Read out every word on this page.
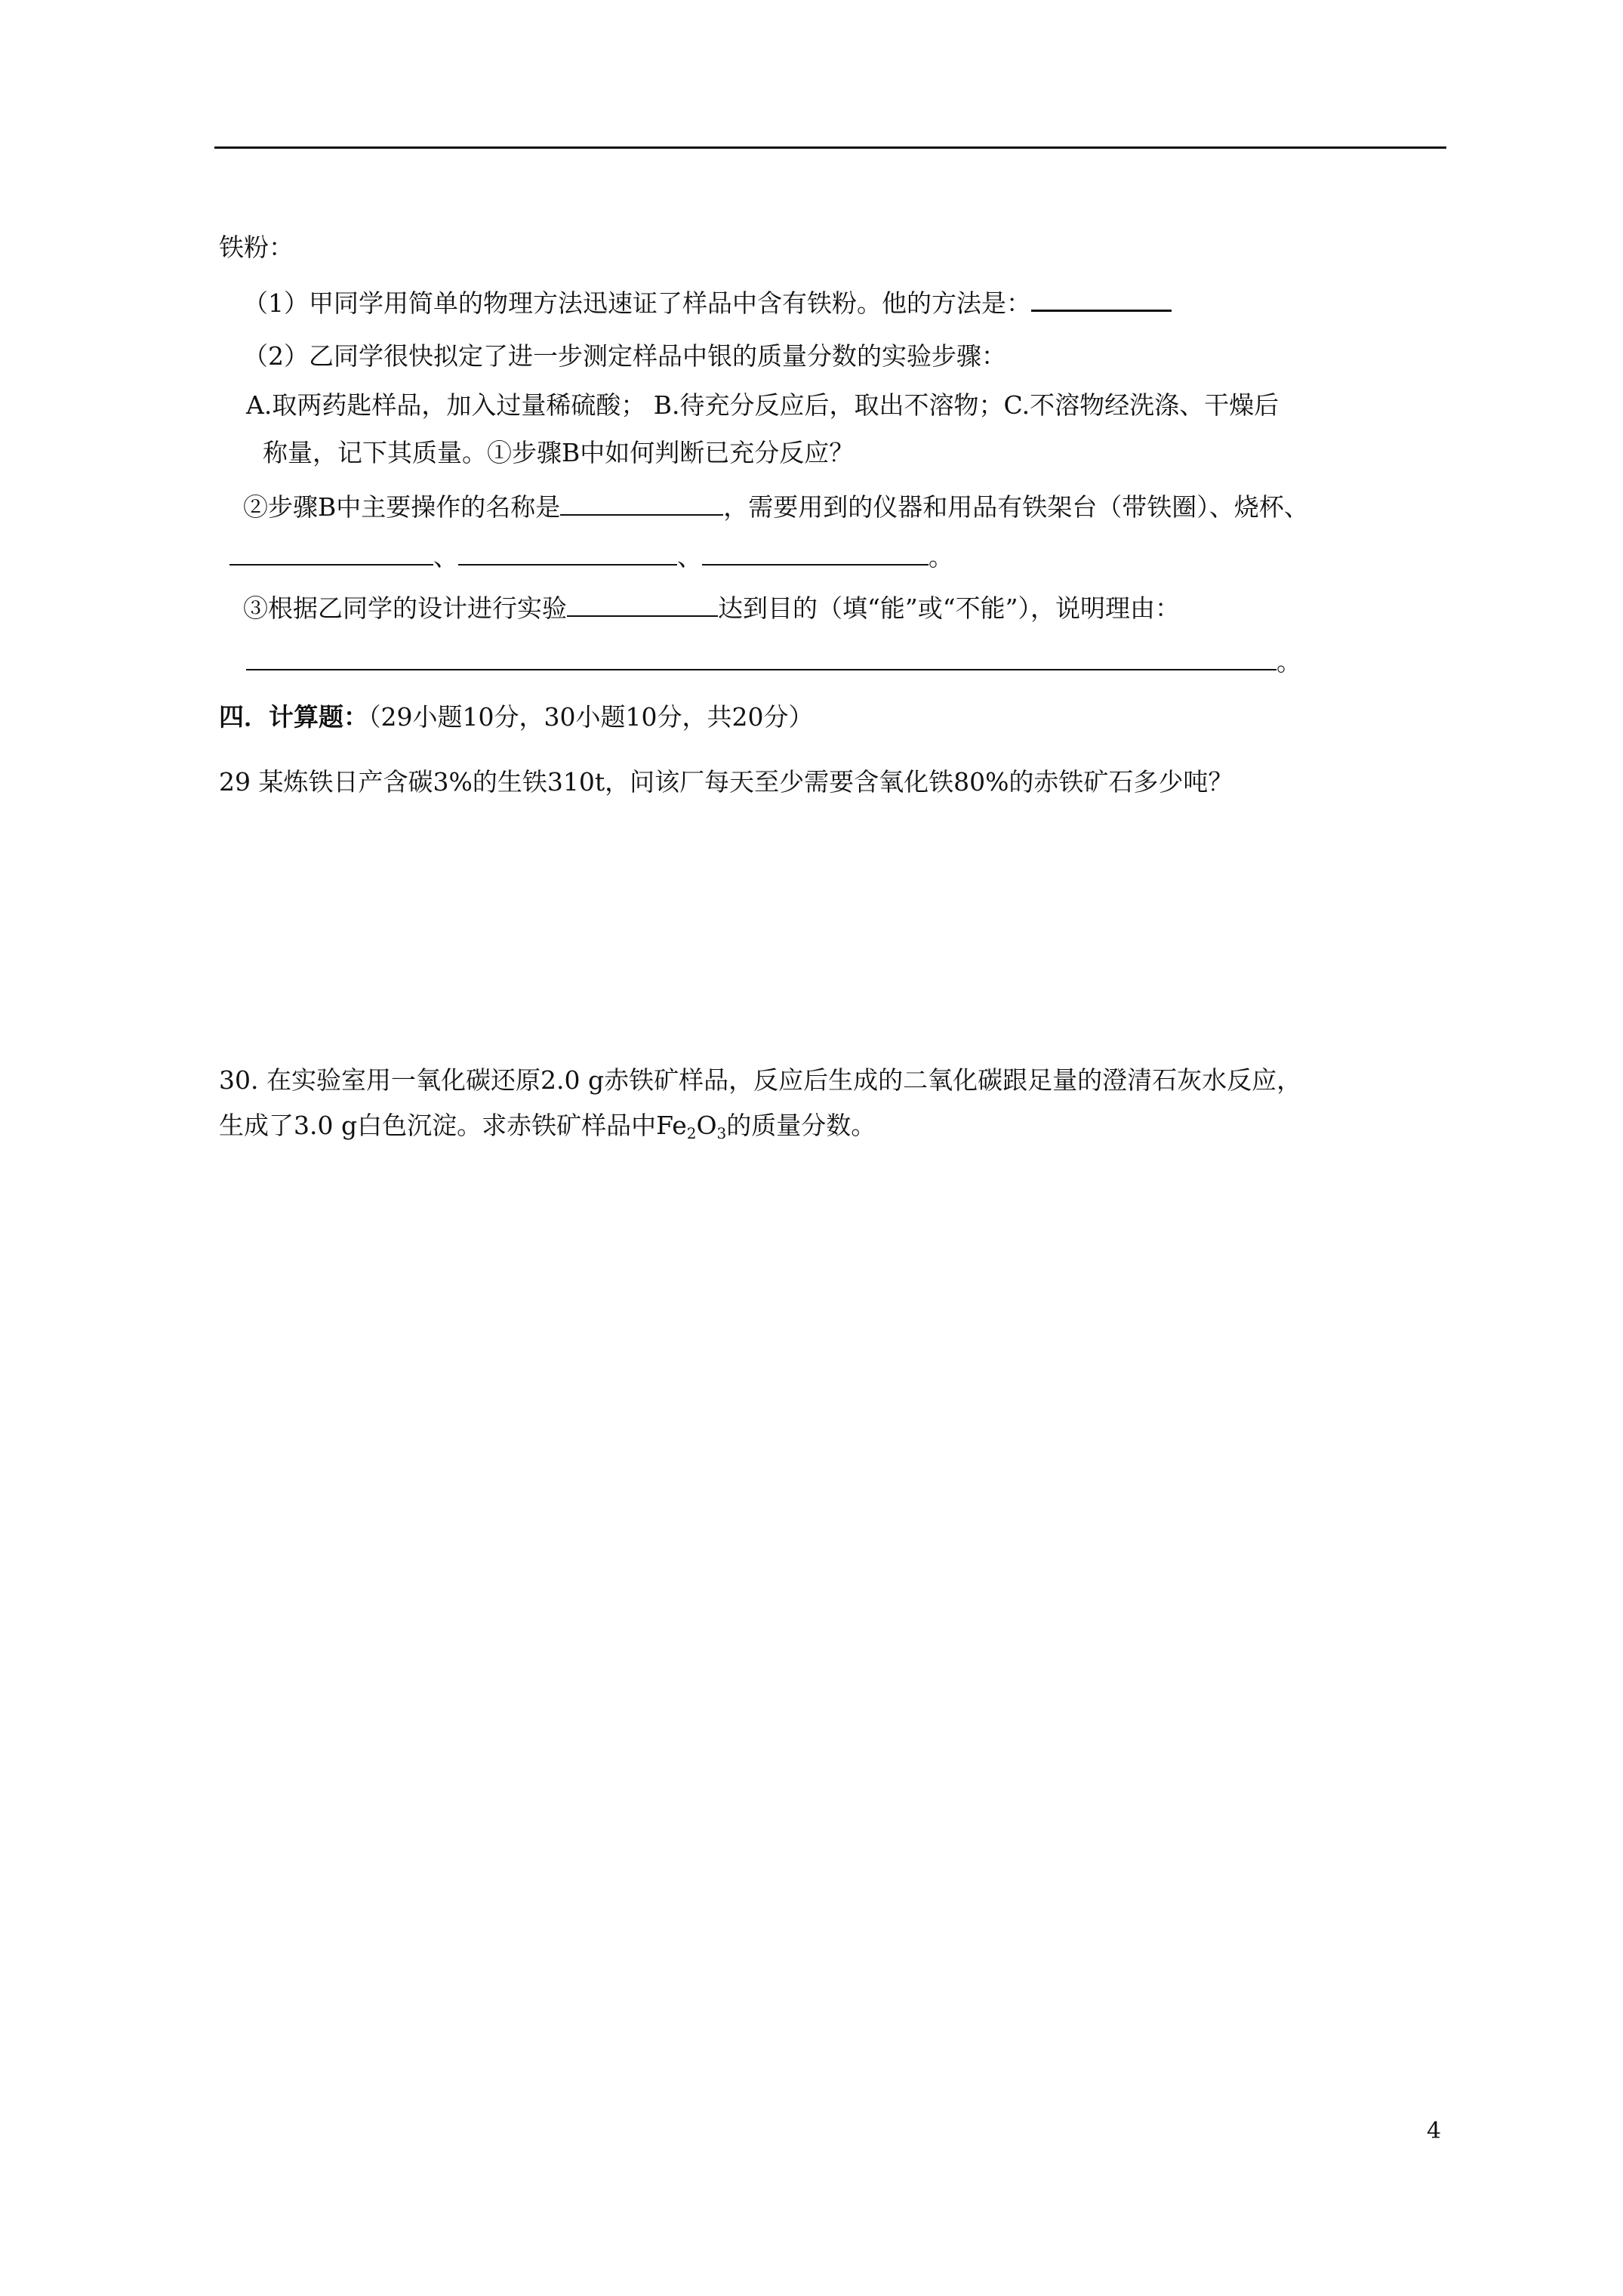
铁粉：
（1）甲同学用简单的物理方法迅速证了样品中含有铁粉。他的方法是：
（2）乙同学很快拟定了进一步测定样品中银的质量分数的实验步骤：
A.取两药匙样品，加入过量稀硫酸； B.待充分反应后，取出不溶物；C.不溶物经洗涤、干燥后
称量，记下其质量。①步骤B中如何判断已充分反应？
②步骤B中主要操作的名称是	，需要用到的仪器和用品有铁架台（带铁圈）、烧杯、
、	、	。
③根据乙同学的设计进行实验	达到目的（填“能”或“不能”），说明理由：
。
四．计算题：（29小题10分，30小题10分，共20分）
29 某炼铁日产含碳3%的生铁310t，问该厂每天至少需要含氧化铁80%的赤铁矿石多少吨？
30. 在实验室用一氧化碳还原2.0 g赤铁矿样品，反应后生成的二氧化碳跟足量的澄清石灰水反应，
生成了3.0 g白色沉淀。求赤铁矿样品中$Fe_2O_3$的质量分数。
4
